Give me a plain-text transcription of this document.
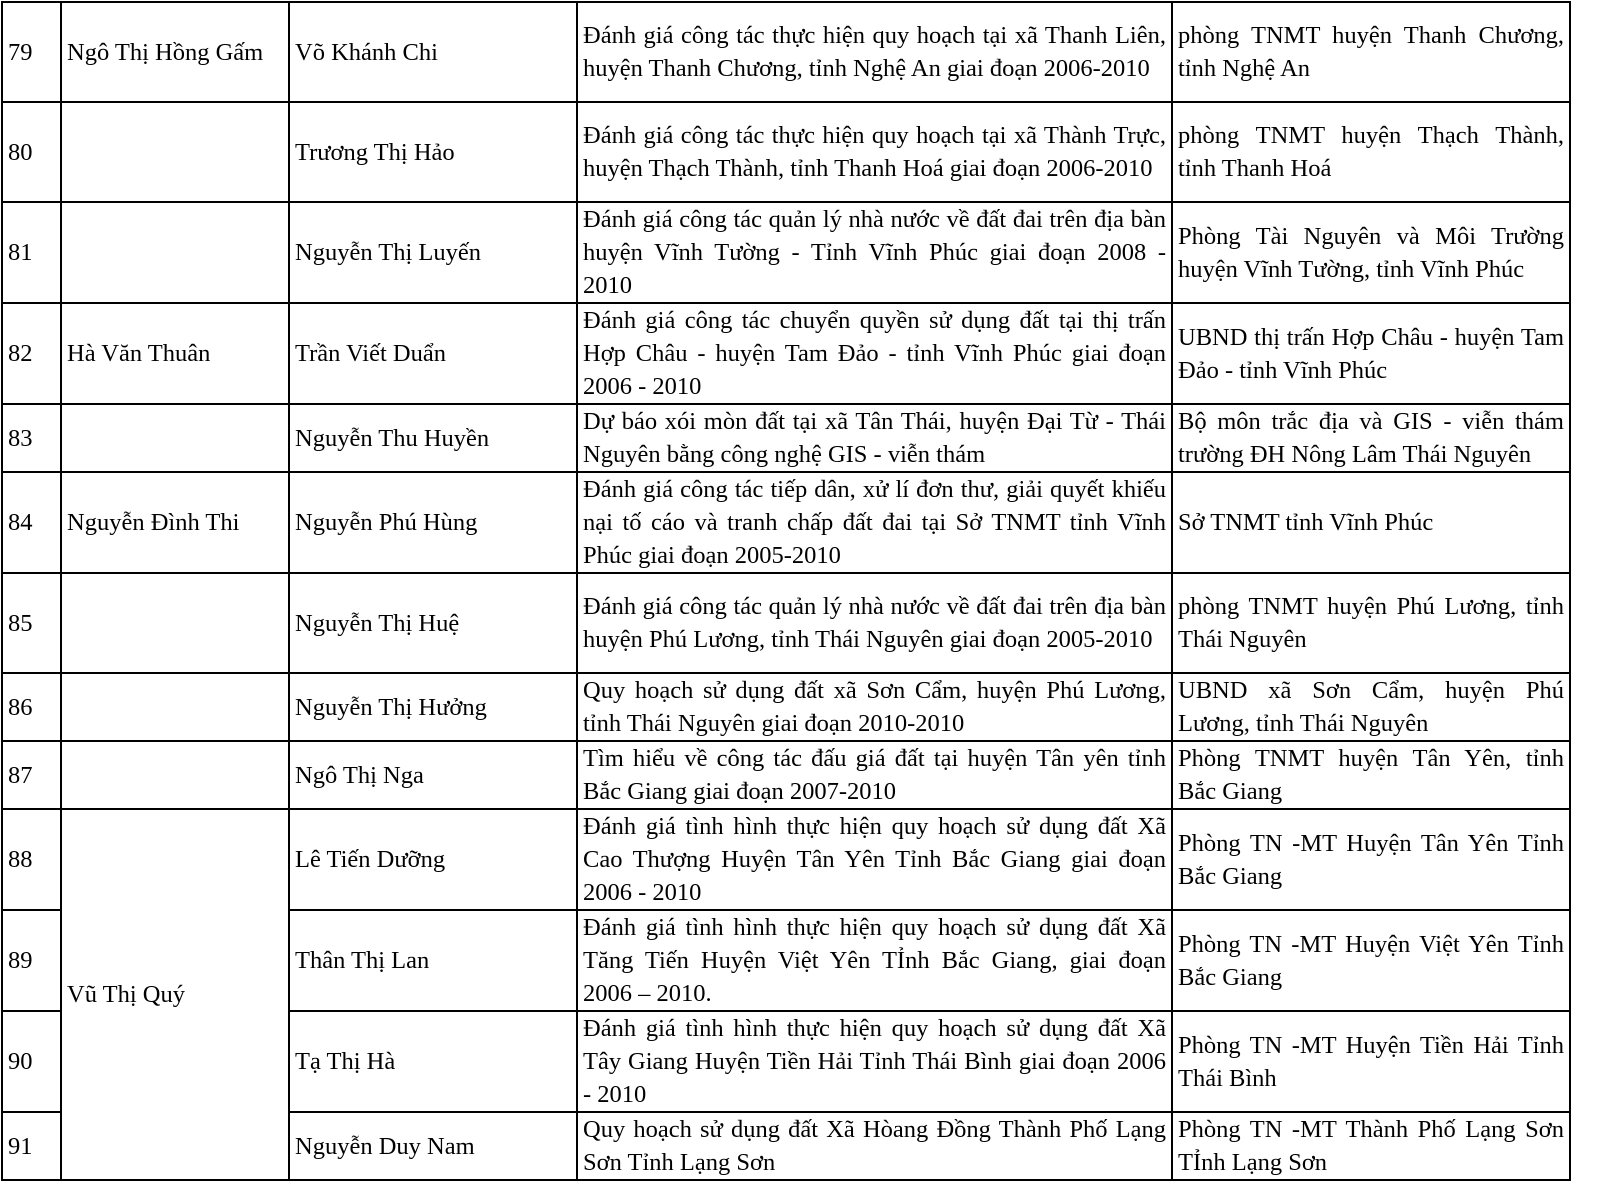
79	Ngô Thị Hồng Gấm	Võ Khánh Chi	Đánh giá công tác thực hiện quy hoạch tại xã Thanh Liên, huyện Thanh Chương, tỉnh Nghệ An giai đoạn 2006-2010	phòng TNMT huyện Thanh Chương, tỉnh Nghệ An
80		Trương Thị Hảo	Đánh giá công tác thực hiện quy hoạch tại xã Thành Trực, huyện Thạch Thành, tỉnh Thanh Hoá giai đoạn 2006-2010	phòng TNMT huyện Thạch Thành, tỉnh Thanh Hoá
81		Nguyễn Thị Luyến	Đánh giá công tác quản lý nhà nước về đất đai trên địa bàn huyện Vĩnh Tường - Tỉnh Vĩnh Phúc giai đoạn 2008 - 2010	Phòng Tài Nguyên và Môi Trường huyện Vĩnh Tường, tỉnh Vĩnh Phúc
82	Hà Văn Thuân	Trần Viết Duẩn	Đánh giá công tác chuyển quyền sử dụng đất tại thị trấn Hợp Châu - huyện Tam Đảo - tỉnh Vĩnh Phúc giai đoạn 2006 - 2010	UBND thị trấn Hợp Châu - huyện Tam Đảo - tỉnh Vĩnh Phúc
83		Nguyễn Thu Huyền	Dự báo xói mòn đất tại xã Tân Thái, huyện Đại Từ - Thái Nguyên bằng công nghệ GIS - viễn thám	Bộ môn trắc địa và GIS - viễn thám trường ĐH Nông Lâm Thái Nguyên
84	Nguyễn Đình Thi	Nguyễn Phú Hùng	Đánh giá công tác tiếp dân, xử lí đơn thư, giải quyết khiếu nại tố cáo và tranh chấp đất đai tại Sở TNMT tỉnh Vĩnh Phúc giai đoạn 2005-2010	Sở TNMT tỉnh Vĩnh Phúc
85		Nguyễn Thị Huệ	Đánh giá công tác quản lý nhà nước về đất đai trên địa bàn huyện Phú Lương, tỉnh Thái Nguyên giai đoạn 2005-2010	phòng TNMT huyện Phú Lương, tỉnh Thái Nguyên
86		Nguyễn Thị Hưởng	Quy hoạch sử dụng đất xã Sơn Cẩm, huyện Phú Lương, tỉnh Thái Nguyên giai đoạn 2010-2010	UBND xã Sơn Cẩm, huyện Phú Lương, tỉnh Thái Nguyên
87		Ngô Thị Nga	Tìm hiểu về công tác đấu giá đất tại huyện Tân yên tỉnh Bắc Giang giai đoạn 2007-2010	Phòng TNMT huyện Tân Yên, tỉnh Bắc Giang
88	Vũ Thị Quý	Lê Tiến Dưỡng	Đánh giá tình hình thực hiện quy hoạch sử dụng đất Xã Cao Thượng Huyện Tân Yên Tỉnh Bắc Giang giai đoạn 2006 - 2010	Phòng TN -MT Huyện Tân Yên Tỉnh Bắc Giang
89		Thân Thị Lan	Đánh giá tình hình thực hiện quy hoạch sử dụng đất Xã Tăng Tiến Huyện Việt Yên TỈnh Bắc Giang, giai đoạn 2006 – 2010.	Phòng TN -MT Huyện Việt Yên Tỉnh Bắc Giang
90		Tạ Thị Hà	Đánh giá tình hình thực hiện quy hoạch sử dụng đất Xã Tây Giang Huyện Tiền Hải Tỉnh Thái Bình giai đoạn 2006 - 2010	Phòng TN -MT Huyện Tiền Hải Tỉnh Thái Bình
91		Nguyễn Duy Nam	Quy hoạch sử dụng đất Xã Hòang Đồng Thành Phố Lạng Sơn Tỉnh Lạng Sơn	Phòng TN -MT Thành Phố Lạng Sơn TỈnh Lạng Sơn
